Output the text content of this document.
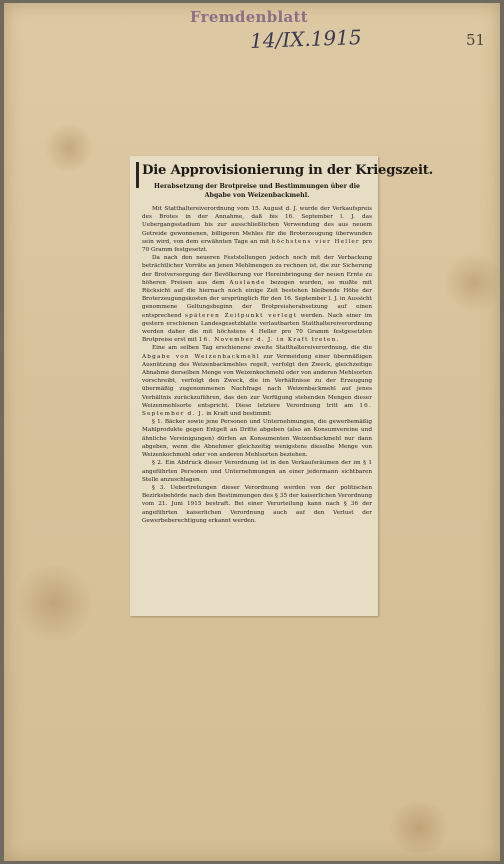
Fremdenblatt
14/IX.1915	51
Die Approvisionierung in der Kriegszeit.
Herabsetzung der Brotpreise und Bestimmungen über die Abgabe von Weizenbackmehl.

Mit Statthaltereiverordnung vom 15. August d. J. wurde der Verkaufspreis des Brotes in der Annahme, daß bis 16. September l. J. das Uebergangsstadium bis zur ausschließlichen Verwendung des aus neuem Getreide gewonnenen, billigeren Mehles für die Broterzeugung überwunden sein wird, von dem erwähnten Tage an mit höchstens vier Heller pro 70 Gramm festgesetzt.

Da nach den neueren Feststellungen jedoch noch mit der Verbackung beträchtlicher Vorräte an jenen Mehlmengen zu rechnen ist, die zur Sicherung der Brotversorgung der Bevölkerung vor Hereinbringung der neuen Ernte zu höheren Preisen aus dem Auslande bezogen wurden, so mußte mit Rücksicht auf die hiernach noch einige Zeit bestehen bleibende Höhe der Broterzeugungskosten der ursprünglich für den 16. September l. J. in Aussicht genommene Geltungsbeginn der Brotpreisherabsetzung auf einen entsprechend späteren Zeitpunkt verlegt werden. Nach einer im gestern erschienen Landesgesetzblatte verlautbarten Statthaltereiverordnung werden daher die mit höchstens 4 Heller pro 70 Gramm festgesetzten Brotpreise erst mit 16. November d. J. in Kraft treten.

Eine am selben Tag erschienene zweite Statthaltereiverordnung, die die Abgabe von Weizenbackmehl zur Vermeidung einer übermäßigen Ausnützung des Weizenbackmehles regelt, verfolgt den Zweck, gleichzeitige Abnahme derselben Menge von Weizenkochmehl oder von anderen Mehlsorten vorschreibt, verfolgt den Zweck, die im Verhältnisse zu der Erzeugung übermäßig zugenommenen Nachfrage nach Weizenbackmehl auf jenes Verhältnis zurückzuführen, das den zur Verfügung stehenden Mengen dieser Weizenmehlsorte entspricht. Diese letztere Verordnung tritt am 16. September d. J. in Kraft und bestimmt:

§ 1. Bäcker sowie jene Personen und Unternehmungen, die gewerbemäßig Mahlprodukte gegen Entgelt an Dritte abgeben (also an Konsumvereine und ähnliche Vereinigungen) dürfen an Konsumenten Weizenbackmehl nur dann abgeben, wenn die Abnehmer gleichzeitig wenigstens dieselbe Menge von Weizenkochmehl oder von anderen Mehlsorten beziehen.

§ 2. Ein Abdruck dieser Verordnung ist in den Verkaufsräumen der im § 1 angeführten Personen und Unternehmungen an einer jedermann sichtbaren Stelle anzuschlagen.

§ 3. Uebertretungen dieser Verordnung werden von der politischen Bezirksbehörde nach den Bestimmungen des § 35 der kaiserlichen Verordnung vom 21. Juni 1915 bestraft. Bei einer Verurteilung kann nach § 36 der angeführten kaiserlichen Verordnung auch auf den Verlust der Gewerbeberechtigung erkannt werden.
